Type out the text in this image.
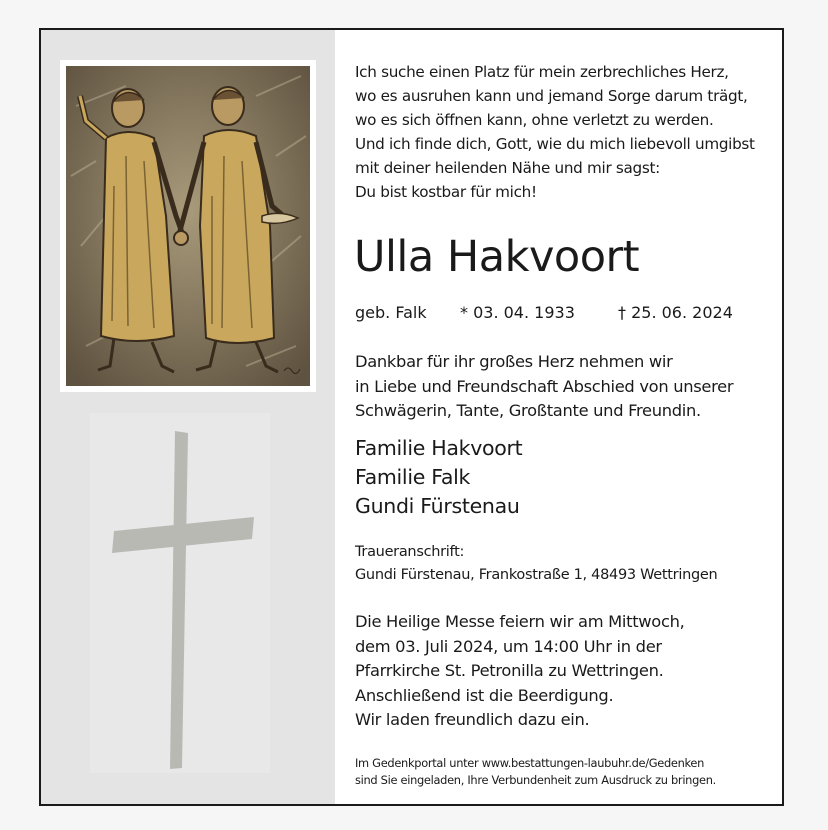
Ich suche einen Platz für mein zerbrechliches Herz,
wo es ausruhen kann und jemand Sorge darum trägt,
wo es sich öffnen kann, ohne verletzt zu werden.
Und ich finde dich, Gott, wie du mich liebevoll umgibst
mit deiner heilenden Nähe und mir sagst:
Du bist kostbar für mich!
Ulla Hakvoort
geb. Falk * 03. 04. 1933	† 25. 06. 2024
Dankbar für ihr großes Herz nehmen wir
in Liebe und Freundschaft Abschied von unserer
Schwägerin, Tante, Großtante und Freundin.
Familie Hakvoort
Familie Falk
Gundi Fürstenau
Traueranschrift:
Gundi Fürstenau, Frankostraße 1, 48493 Wettringen
Die Heilige Messe feiern wir am Mittwoch,
dem 03. Juli 2024, um 14:00 Uhr in der
Pfarrkirche St. Petronilla zu Wettringen.
Anschließend ist die Beerdigung.
Wir laden freundlich dazu ein.
Im Gedenkportal unter www.bestattungen-laubuhr.de/Gedenken
sind Sie eingeladen, Ihre Verbundenheit zum Ausdruck zu bringen.
